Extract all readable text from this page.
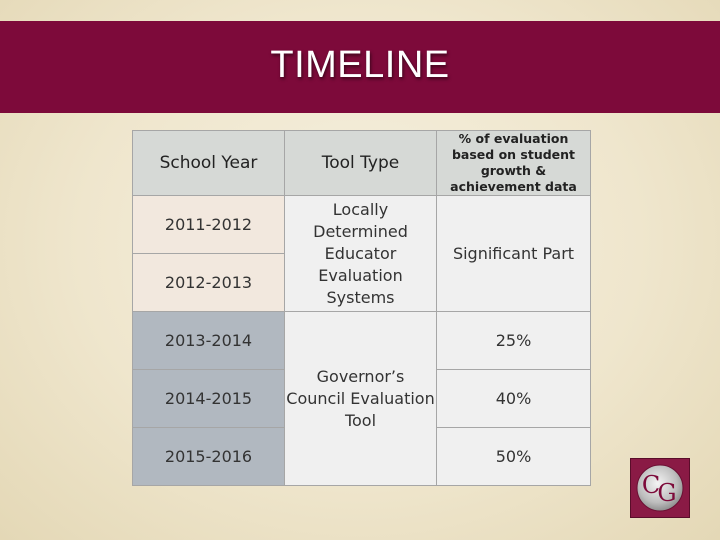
TIMELINE
School Year	Tool Type	% of evaluation based on student growth & achievement data
2011-2012	Locally Determined Educator Evaluation Systems	Significant Part
2012-2013		
2013-2014	Governor’s Council Evaluation Tool	25%
2014-2015		40%
2015-2016		50%
C
G
